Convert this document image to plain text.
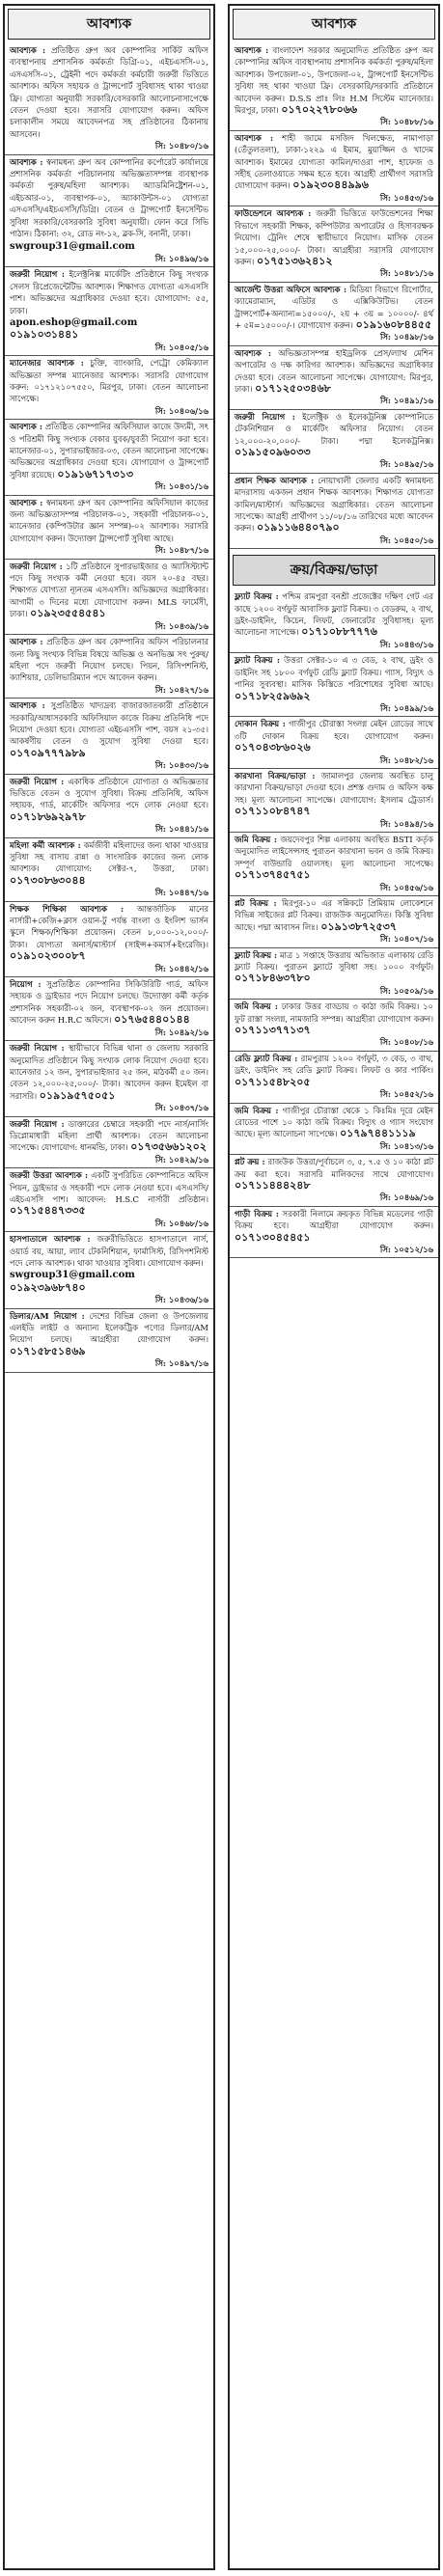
আবশ্যক
আবশ্যক : প্রতিষ্ঠিত গ্রুপ অব কোম্পানির সার্কিট অফিস ব্যবস্থাপনায় প্রশাসনিক কর্মকর্তা ডিগ্রি-০১, এইচএসসি-০১, এসএসসি-০১, ট্রেইনী পদে কর্মকর্তা কর্মচারী জরুরী ভিত্তিতে আবশ্যক। অফিস সহায়ক ও ট্রান্সপোর্ট সুবিধাসহ থাকা খাওয়া ফ্রি। যোগ্যতা অনুযায়ী সরকারি/বেসরকারি আলোচনাসাপেক্ষে বেতন দেওয়া হবে। সরাসরি যোগাযোগ করুন। অফিস চলাকালীন সময়ে আবেদনপত্র সহ প্রতিষ্ঠানের ঠিকানায় আসবেন।
সি: ১০৪৮০/১৬
আবশ্যক : স্বনামধন্য গ্রুপ অব কোম্পানির কর্পোরেট কার্যালয়ে প্রশাসনিক কর্মকর্তা পরিচালনায় অভিজ্ঞতাসম্পন্ন ব্যবস্থাপক কর্মকর্তা পুরুষ/মহিলা আবশ্যক। অ্যাডমিনিষ্ট্রেশন-০১, এইচআর-০১, ব্যবস্থাপক-০১, অ্যাকাউন্টস-০১ যোগ্যতা এসএসসি/এইচএসসি/ডিগ্রি। বেতন ও ট্রান্সপোর্ট ইনসেন্টিভ সুবিধা সরকারি/বেসরকারি সুবিধা অনুযায়ী। ফোন করে সিভি পাঠান। ঠিকানা: ৩২, রোড নং-১২, ব্লক-সি, বনানী, ঢাকা।
swgroup31@gmail.com
সি: ১০৪৯৬/১৬
জরুরী নিয়োগ : ইলেক্ট্রনিক্স মার্কেটিং প্রতিষ্ঠানে কিছু সংখ্যক সেলস রিপ্রেজেন্টেটিভ আবশ্যক। শিক্ষাগত যোগ্যতা এসএসসি পাশ। অভিজ্ঞদের অগ্রাধিকার দেওয়া হবে। যোগাযোগ: ৫৫, ঢাকা।
apon.eshop@gmail.com ০১৯১০৩১৪৪১
সি: ১০৪০৫/১৬
ম্যানেজার আবশ্যক : চুক্তি, ব্যাংকারি, পেট্রো কেমিক্যাল অভিজ্ঞতা সম্পন্ন ম্যানেজার আবশ্যক। সরাসরি যোগাযোগ করুন: ০১৭১২১০৭৫৫০, মিরপুর, ঢাকা। বেতন আলোচনা সাপেক্ষে।
সি: ১০৪০৬/১৬
আবশ্যক : প্রতিষ্ঠিত কোম্পানির অফিসিয়াল কাজে উদ্যমী, সৎ ও পরিশ্রমী কিছু সংখ্যক বেকার যুবক/যুবতী নিয়োগ করা হবে। ম্যানেজার-০১, সুপারভাইজার-০৩, বেতন আলোচনা সাপেক্ষে। অভিজ্ঞদের অগ্রাধিকার দেওয়া হবে। যোগাযোগ ও ট্রান্সপোর্ট সুবিধা রয়েছে। ০১৯১৬৭১৭৩১৩
সি: ১০৪৩১/১৬
আবশ্যক : স্বনামধন্য গ্রুপ অব কোম্পানির অফিসিয়াল কাজের জন্য অভিজ্ঞতাসম্পন্ন পরিচালক-০১, সহকারী পরিচালক-০১, ম্যানেজার (কম্পিউটার জ্ঞান সম্পন্ন)-০২ আবশ্যক। সরাসরি যোগাযোগ করুন। উদ্যোক্তা ট্রান্সপোর্ট সুবিধা আছে।
সি: ১০৪৮৭/১৬
জরুরী নিয়োগ : ১টি প্রতিষ্ঠানে সুপারভাইজার ও অ্যাসিস্ট্যান্ট পদে কিছু সংখ্যক কর্মী নেওয়া হবে। বয়স ২০-৪৫ বছর। শিক্ষাগত যোগ্যতা ন্যূনতম এসএসসি। অভিজ্ঞদের অগ্রাধিকার। আগামী ৩ দিনের মধ্যে যোগাযোগ করুন। MLS ফার্মেসী, ঢাকা। ০১৯২৩৫৫৪৫৪১
সি: ১০৪৩৯/১৬
আবশ্যক : প্রতিষ্ঠিত গ্রুপ অব কোম্পানির অফিস পরিচালনার জন্য কিছু সংখ্যক বিভিন্ন বিষয়ে অভিজ্ঞ ও অনভিজ্ঞ সৎ পুরুষ/মহিলা পদে জরুরী নিয়োগ চলছে। পিয়ন, রিসিপশনিস্ট, ক্যাশিয়ার, ডেলিভারিম্যান পদে আবেদন করুন।
সি: ১০৪২৭/১৬
আবশ্যক : সুপ্রতিষ্ঠিত খাদ্যদ্রব্য বাজারজাতকারী প্রতিষ্ঠানে সরকারি/আধাসরকারি অফিসিয়াল কাজে বিক্রয় প্রতিনিধি পদে নিয়োগ দেওয়া হবে। যোগ্যতা এইচএসসি পাশ, বয়স ২১-৩৫। আকর্ষণীয় বেতন ও সুযোগ সুবিধা দেওয়া হবে। ০১৭০৯৭৭৭৯৮৯
সি: ১০৪৩০/১৬
জরুরী নিয়োগ : একাধিক প্রতিষ্ঠানে যোগ্যতা ও অভিজ্ঞতার ভিত্তিতে বেতন ও সুযোগ সুবিধা। বিক্রয় প্রতিনিধি, অফিস সহায়ক, গার্ড, মার্কেটিং অফিসার পদে লোক নেওয়া হবে। ০১৭১৮৬৯২৯৭৮
সি: ১০৪৪১/১৬
মহিলা কর্মী আবশ্যক : কর্মজীবী মহিলাদের জন্য থাকা খাওয়ার সুবিধা সহ বাসায় রান্না ও সাংসারিক কাজের জন্য লোক আবশ্যক। যোগাযোগ: সেক্টর-৭, উত্তরা, ঢাকা। ০১৭৩০৮৬৩০৪৪
সি: ১০৪৪৭/১৬
শিক্ষক শিক্ষিকা আবশ্যক : আন্তর্জাতিক মানের নার্সারী+কেজি+ক্লাস ওয়ান-টু পর্যন্ত বাংলা ও ইংলিশ ভার্সন স্কুলে শিক্ষক/শিক্ষিকা প্রয়োজন। বেতন ৮,০০০-১২,০০০/- টাকা। যোগ্যতা অনার্স/মাস্টার্স (সাইন্স+কমার্স+ইংরেজি)। ০১৯১০২৩০০৮৭
সি: ১০৪৪২/১৬
নিয়োগ : সুপ্রতিষ্ঠিত কোম্পানির সিকিউরিটি গার্ড, অফিস সহায়ক ও ড্রাইভার পদে নিয়োগ চলছে। উদ্যোক্তা কর্মী কর্তৃক প্রশাসনিক সহকারী-০২ জন, ব্যবস্থাপক-০২ জন প্রয়োজন। আবেদন করুন H.R.C অফিসে। ০১৭৬৫৪৪০১৪৪
সি: ১০৪৯২/১৬
জরুরী নিয়োগ : স্থায়ীভাবে বিভিন্ন থানা ও জেলায় সরকারি অনুমোদিত প্রতিষ্ঠানে কিছু সংখ্যক লোক নিয়োগ দেওয়া হবে। ম্যানেজার ১২ জন, সুপারভাইজার ২৫ জন, মাঠকর্মী ৫০ জন। বেতন ১২,০০০-২৫,০০০/- টাকা। আবেদন করুন ইমেইল বা সরাসরি। ০১৯১৯৫৭৫০৫১
সি: ১০৪৩৭/১৬
জরুরী নিয়োগ : ডাক্তারের চেম্বারে সহকারী পদে নার্স/নার্সিং ডিপ্লোমাধারী মহিলা প্রার্থী আবশ্যক। বেতন আলোচনা সাপেক্ষে। যোগাযোগ: ধানমন্ডি, ঢাকা। ০১৭৩৫৬৬১২০২
সি: ১০৪২৯/১৬
জরুরী উত্তরা আবশ্যক : একটি সুপরিচিত কোম্পানিতে অফিস পিয়ন, ড্রাইভার ও সহকারী পদে লোক নেওয়া হবে। এসএসসি/এইচএসসি পাশ। আবেদন: H.S.C নার্সারী প্রতিষ্ঠান। ০১৭১৫৪৪৭৩৩৫
সি: ১০৪৬৮/১৬
হাসপাতালে আবশ্যক : জরুরীভিত্তিতে হাসপাতালে নার্স, ওয়ার্ড বয়, আয়া, ল্যাব টেকনিশিয়ান, ফার্মাসিস্ট, রিসিপশনিস্ট পদে লোক আবশ্যক। থাকা খাওয়ার সুবিধা। যোগাযোগ করুন।
swgroup31@gmail.com ০১৯২৩৯৬৮৭৪০
সি: ১০৪৩৬/১৬
ডিলার/AM নিয়োগ : দেশের বিভিন্ন জেলা ও উপজেলায় এলইডি লাইট ও অন্যান্য ইলেকট্রিক পণ্যের ডিলার/AM নিয়োগ চলছে। আগ্রহীরা যোগাযোগ করুন। ০১৭১৫৮৫১৪৬৯
সি: ১০৪৯৭/১৬
আবশ্যক
আবশ্যক : বাংলাদেশ সরকার অনুমোদিত প্রতিষ্ঠিত গ্রুপ অব কোম্পানির অফিস ব্যবস্থাপনায় প্রশাসনিক কর্মকর্তা পুরুষ/মহিলা আবশ্যক। উপজেলা-০১, উপজেলা-০২, ট্রান্সপোর্ট ইনসেন্টিভ সুবিধা সহ থাকা খাওয়া ফ্রি। বেসরকারি/সরকারি প্রতিষ্ঠানে আবেদন করুন। D.S.S প্রাঃ লিঃ H.M সিস্টেম ম্যানেজার। মিরপুর, ঢাকা। ০১৭০২২৭৮০৬৬
সি: ১০৪৮৮/১৬
আবশ্যক : শাহী জামে মসজিদ খিলক্ষেত, নামাপাড়া (তেঁতুলতলা), ঢাকা-১২২৯ এ ইমাম, মুয়াজ্জিন ও খাদেম আবশ্যক। ইমামের যোগ্যতা কামিল/দাওরা পাশ, হাফেজ ও সহীহ তেলাওয়াতে সক্ষম হতে হবে। আগ্রহী প্রার্থীগণ সরাসরি যোগাযোগ করুন। ০১৯২৩০৪৪৯৯৬
সি: ১০৪৫৩/১৬
ফাউন্ডেশনে আবশ্যক : জরুরী ভিত্তিতে ফাউন্ডেশনের শিক্ষা বিভাগে সহকারী শিক্ষক, কম্পিউটার অপারেটর ও হিসাবরক্ষক নিয়োগ। ট্রেনিং শেষে স্থায়ীভাবে নিয়োগ। মাসিক বেতন ১৫,০০০-২৫,০০০/- টাকা। আগ্রহীরা সরাসরি যোগাযোগ করুন। ০১৭৫১৩৬২৪১২
সি: ১০৪৮১/১৬
আর্জেন্ট উত্তরা অফিসে আবশ্যক : মিডিয়া বিভাগে রিপোর্টার, ক্যামেরাম্যান, এডিটর ও এক্সিকিউটিভ। বেতন ট্রান্সপোর্ট+অন্যান্য=১৫০০০/-, ২য় + ৩য় = ১০০০০/- ৪র্থ + ৫ম=১৫০০০/-। যোগাযোগ করুন। ০১৯১৬০৮৪৪৫৫
সি: ১০৪৯৮/১৬
আবশ্যক : অভিজ্ঞতাসম্পন্ন হাইড্রলিক প্রেস/ল্যাথ মেশিন অপারেটর ও দক্ষ কারিগর আবশ্যক। অভিজ্ঞদের অগ্রাধিকার দেওয়া হবে। বেতন আলোচনা সাপেক্ষে। যোগাযোগ: মিরপুর, ঢাকা। ০১৭১২৫০৩৪৬৮
সি: ১০৪৯১/১৬
জরুরী নিয়োগ : ইলেক্ট্রিক ও ইলেকট্রনিক্স কোম্পানিতে টেকনিশিয়ান ও মার্কেটিং অফিসার নিয়োগ। বেতন ১২,০০০-২০,০০০/- টাকা। পদ্মা ইলেকট্রনিক্স। ০১৯১৫০৯৬০৩৩
সি: ১০৪৯৫/১৬
প্রধান শিক্ষক আবশ্যক : নোয়াখালী জেলার একটি স্বনামধন্য মাদরাসায় একজন প্রধান শিক্ষক আবশ্যক। শিক্ষাগত যোগ্যতা কামিল/মাস্টার্স। অভিজ্ঞদের অগ্রাধিকার। বেতন আলোচনা সাপেক্ষে। আগ্রহী প্রার্থীগণ ১১/০৮/১৬ তারিখের মধ্যে আবেদন করুন। ০১৯১১৬৪৪০৭৯০
সি: ১০৪৫০/১৬
ক্রয়/বিক্রয়/ভাড়া
ফ্ল্যাট বিক্রয় : পশ্চিম রামপুরা বনশ্রী প্রজেক্টের দক্ষিণ গেট এর কাছে ১২০০ বর্গফুট আবাসিক ফ্ল্যাট বিক্রয়। ৩ বেডরুম, ২ বাথ, ড্রইং-ডাইনিং, কিচেন, লিফট, জেনারেটর সুবিধাসহ। মূল্য আলোচনা সাপেক্ষে। ০১৭১০৮৮৭৭৭৬
সি: ১০৪৪৩/১৬
ফ্ল্যাট বিক্রয় : উত্তরা সেক্টর-১০ এ ৩ বেড, ২ বাথ, ড্রইং ও ডাইনিং সহ ১৮০০ বর্গফুট রেডি ফ্ল্যাট বিক্রয়। গ্যাস, বিদ্যুৎ ও পানির সুব্যবস্থা। মাসিক কিস্তিতে পরিশোধের সুবিধা আছে। ০১৭১৮২৫৯৬৯২
সি: ১০৪৯৯/১৬
দোকান বিক্রয় : গাজীপুর চৌরাস্তা সংলগ্ন মেইন রোডের সাথে ৩টি দোকান বিক্রয় হবে। যোগাযোগ করুন। ০১৭০৪৩৮৬০২৬
সি: ১০৪৮২/১৬
কারখানা বিক্রয়/ভাড়া : জামালপুর জেলায় অবস্থিত চালু কারখানা বিক্রয়/ভাড়া দেওয়া হবে। প্রশস্ত গুদাম ও অফিস কক্ষ সহ। মূল্য আলোচনা সাপেক্ষে। যোগাযোগ: ইসলাম ট্রেডার্স। ০১৭১১০৮৪৭৪৭
সি: ১০৪৯৪/১৬
জমি বিক্রয় : জয়দেবপুর শিল্প এলাকায় অবস্থিত BSTI কর্তৃক অনুমোদিত লাইসেন্সসহ পুরাতন কারখানা ভবন ও জমি বিক্রয়। সম্পূর্ণ বাউন্ডারি ওয়ালসহ। মূল্য আলোচনা সাপেক্ষে। ০১৭১৩৭৪৫৭৫১
সি: ১০৪৫৬/১৬
প্লট বিক্রয় : মিরপুর-১০ এর সন্নিকটে প্রিমিয়াম লোকেশনে বিভিন্ন সাইজের প্লট বিক্রয়। রাজউক অনুমোদিত। কিস্তি সুবিধা আছে। পদ্মা আবাসন লিঃ। ০১৯১৩৮৭২৫৩৭
সি: ১০৪০৭/১৬
ফ্ল্যাট বিক্রয় : মাত্র ১ সপ্তাহে উত্তরায় অভিজাত এলাকায় রেডি ফ্ল্যাট বিক্রয়। পুরাতন ফ্ল্যাটে সুবিধা সহ। ১০০০ বর্গফুট। ০১৭১৮৪৬৩৭৮০
সি: ১০৫০৯/১৬
জমি বিক্রয় : ঢাকার উত্তর বাড্ডায় ৩ কাঠা জমি বিক্রয়। ১০ ফুট রাস্তা সংলগ্ন, নামজারি সম্পন্ন। আগ্রহীরা যোগাযোগ করুন। ০১৭১১৩৭৭১৩৭
সি: ১০৪০৮/১৬
রেডি ফ্ল্যাট বিক্রয় : রামপুরায় ১২০০ বর্গফুট, ৩ বেড, ৩ বাথ, ড্রইং, ডাইনিং সহ রেডি ফ্ল্যাট বিক্রয়। লিফট ও কার পার্কিং। ০১৭১১৫৪৮২০৫
সি: ১০৪৫২/১৬
জমি বিক্রয় : গাজীপুর চৌরাস্তা থেকে ১ কিঃমিঃ দূরে মেইন রোডের পাশে ১০ কাঠা জমি বিক্রয়। বিদ্যুৎ ও গ্যাস সংযোগ আছে। মূল্য আলোচনা সাপেক্ষে। ০১৭৯৭৪৪১১১৯
সি: ১০৪১৩/১৬
প্লট ক্রয় : রাজউক উত্তরা/পূর্বাচলে ৩, ৫, ৭.৫ ও ১০ কাঠা প্লট ক্রয় করা হবে। সরাসরি মালিকদের সাথে যোগাযোগ। ০১৭১১৪৪৪২৪৮
সি: ১০৪৬৯/১৬
গাড়ী বিক্রয় : সরকারী নিলামে ক্রয়কৃত বিভিন্ন মডেলের গাড়ী বিক্রয় হবে। আগ্রহীরা যোগাযোগ করুন। ০১৭১৩০৪৫৪৫১
সি: ১০৫১২/১৬
